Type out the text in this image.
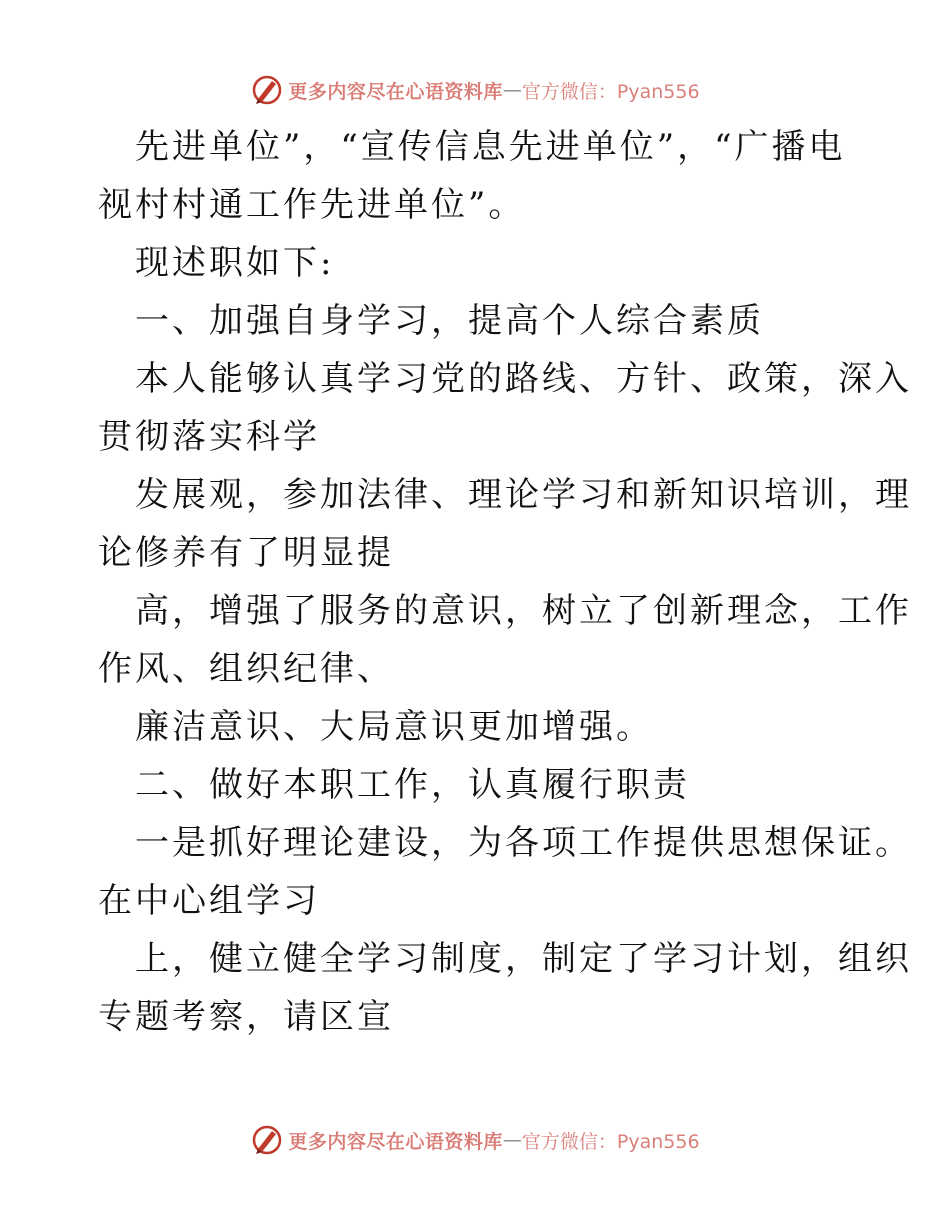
更多内容尽在心语资料库 — 官方微信：Pyan556
先进单位”，“宣传信息先进单位”，“广播电
视村村通工作先进单位”。
现述职如下:
一、加强自身学习，提高个人综合素质
本人能够认真学习党的路线、方针、政策，深入
贯彻落实科学
发展观，参加法律、理论学习和新知识培训，理
论修养有了明显提
高，增强了服务的意识，树立了创新理念，工作
作风、组织纪律、
廉洁意识、大局意识更加增强。
二、做好本职工作，认真履行职责
一是抓好理论建设，为各项工作提供思想保证。
在中心组学习
上，健立健全学习制度，制定了学习计划，组织
专题考察，请区宣
更多内容尽在心语资料库 — 官方微信：Pyan556
